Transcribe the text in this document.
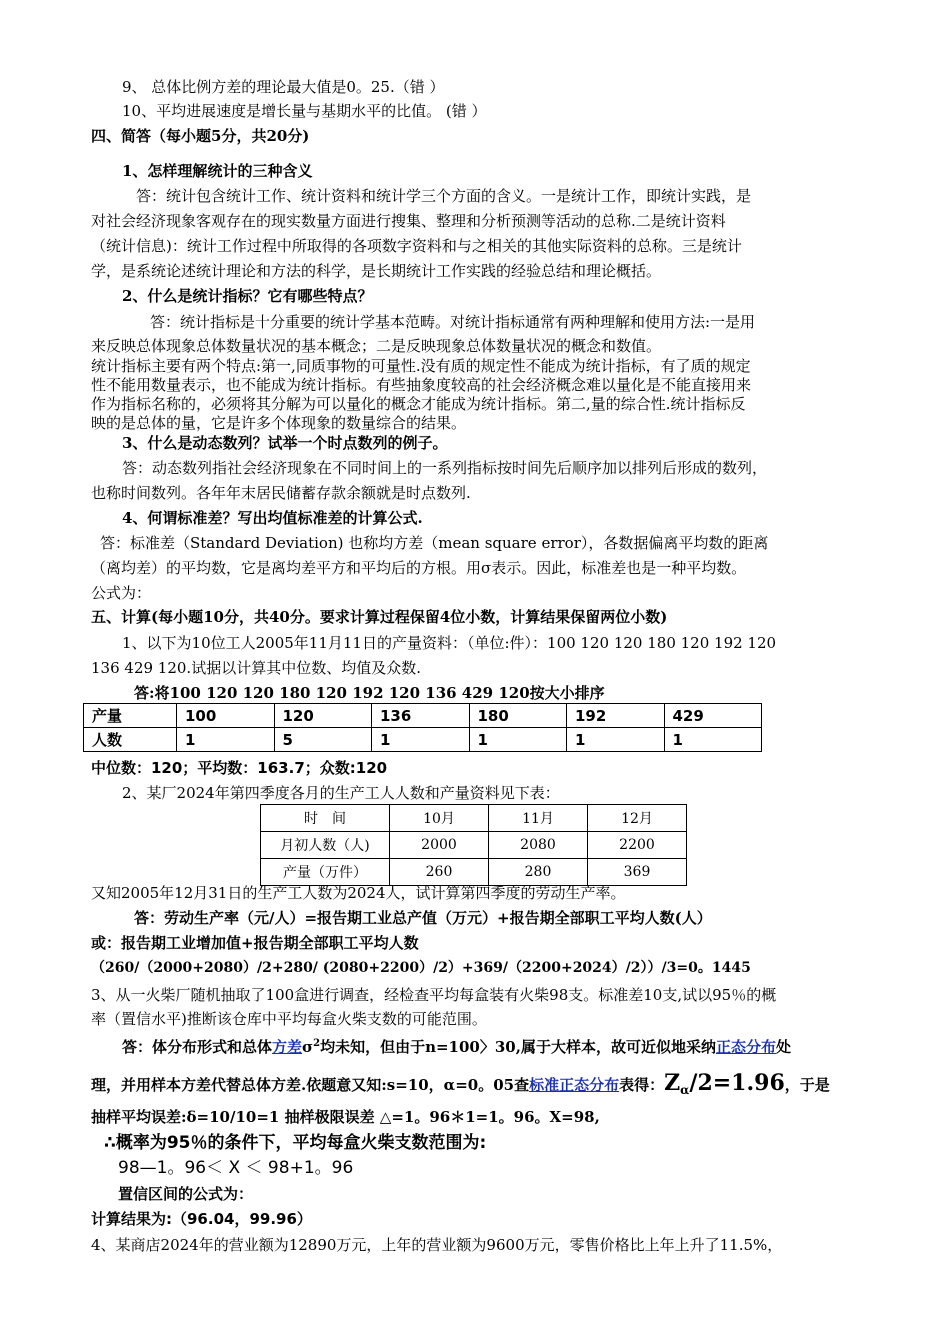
9、 总体比例方差的理论最大值是0。25.（错 ）
10、平均进展速度是增长量与基期水平的比值。 (错 ）
四、简答（每小题5分，共20分)
1、怎样理解统计的三种含义
答：统计包含统计工作、统计资料和统计学三个方面的含义。一是统计工作，即统计实践，是
对社会经济现象客观存在的现实数量方面进行搜集、整理和分析预测等活动的总称.二是统计资料
（统计信息)：统计工作过程中所取得的各项数字资料和与之相关的其他实际资料的总称。三是统计
学，是系统论述统计理论和方法的科学，是长期统计工作实践的经验总结和理论概括。
2、什么是统计指标？它有哪些特点？
答：统计指标是十分重要的统计学基本范畴。对统计指标通常有两种理解和使用方法:一是用
来反映总体现象总体数量状况的基本概念；二是反映现象总体数量状况的概念和数值。
统计指标主要有两个特点:第一,同质事物的可量性.没有质的规定性不能成为统计指标，有了质的规定
性不能用数量表示，也不能成为统计指标。有些抽象度较高的社会经济概念难以量化是不能直接用来
作为指标名称的，必须将其分解为可以量化的概念才能成为统计指标。第二,量的综合性.统计指标反
映的是总体的量，它是许多个体现象的数量综合的结果。
3、什么是动态数列？试举一个时点数列的例子。
答：动态数列指社会经济现象在不同时间上的一系列指标按时间先后顺序加以排列后形成的数列，
也称时间数列。各年年末居民储蓄存款余额就是时点数列.
4、何谓标准差？写出均值标准差的计算公式.
答：标准差（Standard Deviation) 也称均方差（mean square error），各数据偏离平均数的距离
（离均差）的平均数，它是离均差平方和平均后的方根。用σ表示。因此，标准差也是一种平均数。
公式为：
五、计算(每小题10分，共40分。要求计算过程保留4位小数，计算结果保留两位小数)
1、以下为10位工人2005年11月11日的产量资料：（单位:件）：100 120 120 180 120 192 120
136 429 120.试据以计算其中位数、均值及众数.
答:将100 120 120 180 120 192 120 136 429 120按大小排序
产量	100	120	136	180	192	429
人数	1	5	1	1	1	1
中位数：120；平均数：163.7；众数:120
2、某厂2024年第四季度各月的生产工人人数和产量资料见下表：
时　间	10月	11月	12月
月初人数（人)	2000	2080	2200
产量（万件）	260	280	369
又知2005年12月31日的生产工人数为2024人，试计算第四季度的劳动生产率。
答：劳动生产率（元/人）=报告期工业总产值（万元）+报告期全部职工平均人数(人）
或：报告期工业增加值+报告期全部职工平均人数
（260/（2000+2080）/2+280/ (2080+2200）/2）+369/（2200+2024）/2））/3=0。1445
3、从一火柴厂随机抽取了100盒进行调查，经检查平均每盒装有火柴98支。标准差10支,试以95％的概
率（置信水平)推断该仓库中平均每盒火柴支数的可能范围。
答：体分布形式和总体方差$\sigma^2$均未知，但由于n=100〉30,属于大样本，故可近似地采纳正态分布处
理，并用样本方差代替总体方差.依题意又知:s=10，α=0。05查标准正态分布表得：$Z_\alpha/2=1.96$，于是
抽样平均误差:δ=10/10=1 抽样极限误差 △=1。96＊1=1。96。X=98,
∴概率为95％的条件下，平均每盒火柴支数范围为:
98—1。96＜ X ＜ 98+1。96
置信区间的公式为：
计算结果为:（96.04，99.96）
4、某商店2024年的营业额为12890万元，上年的营业额为9600万元，零售价格比上年上升了11.5%，
